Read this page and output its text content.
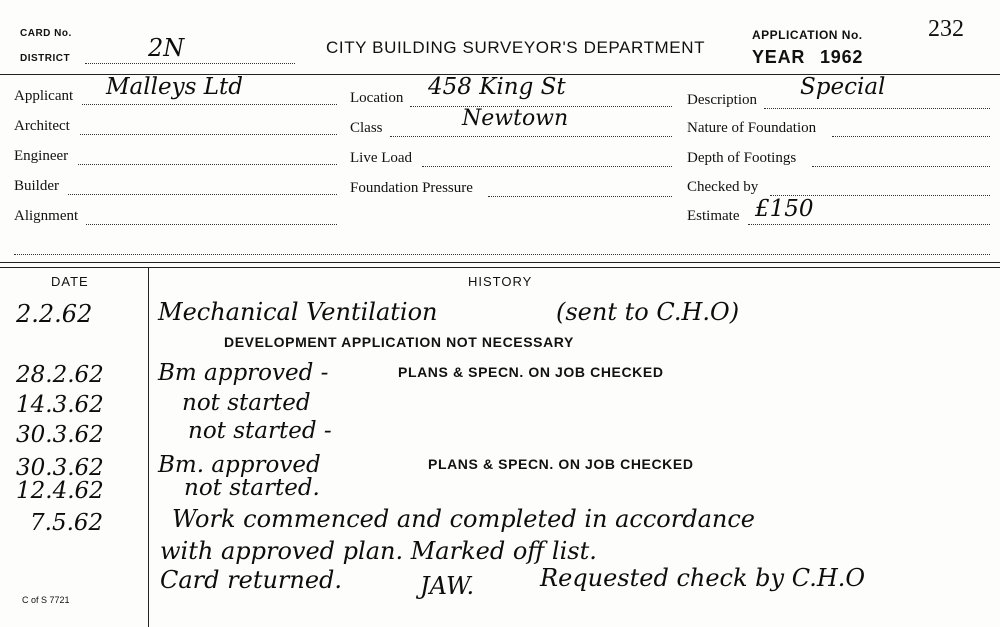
CARD No.
DISTRICT	2N	CITY BUILDING SURVEYOR'S DEPARTMENT
APPLICATION No.	232
YEAR 1962
Applicant Malleys Ltd
Architect
Engineer
Builder
Alignment
Location 458 King St
Class	Newtown
Live Load
Foundation Pressure
Description Special
Nature of Foundation
Depth of Footings
Checked by
Estimate £150
DATE	HISTORY
2.2.62	Mechanical Ventilation	(sent to C.H.O)
DEVELOPMENT APPLICATION NOT NECESSARY
28.2.62 Bm approved -	PLANS & SPECN. ON JOB CHECKED
14.3.62	not started
30.3.62	not started -
30.3.62 Bm. approved	PLANS & SPECN. ON JOB CHECKED
12.4.62	not started.
7.5.62	Work commenced and completed in accordance
with approved plan. Marked off list.
Card returned.	JAW.	Requested check by C.H.O
C of S 7721
